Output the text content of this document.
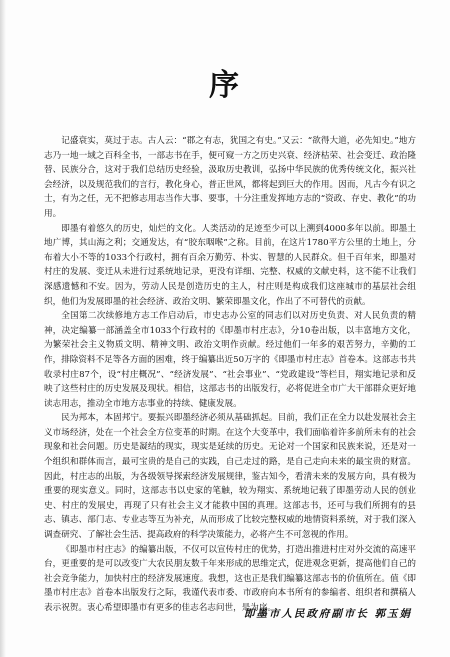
序

记盛衰实，莫过于志。古人云：“郡之有志，犹国之有史。”又云：“欲得大道，必先知史。”地方志乃一地一域之百科全书，一部志书在手，便可窥一方之历史兴衰、经济枯荣、社会变迁、政治隆替、民族分合，这对于我们总结历史经验，汲取历史教训，弘扬中华民族的优秀传统文化，振兴社会经济，以及规范我们的言行，教化身心，普正世风，都将起到巨大的作用。因而，凡古今有识之士，有为之任，无不把修志用志当作大事、要事，十分注重发挥地方志的“资政、存史、教化”的功用。

即墨有着悠久的历史，灿烂的文化。人类活动的足迹至少可以上溯到4000多年以前。即墨土地广博，其山海之利；交通发达，有“胶东咽喉”之称。目前，在这片1780平方公里的土地上，分布着大小不等的1033个行政村，拥有百余万勤劳、朴实、智慧的人民群众。但千百年来，即墨对村庄的发展、变迁从未进行过系统地记录，更没有详细、完整、权威的文献史料，这不能不让我们深感遗憾和不安。因为，劳动人民是创造历史的主人，村庄则是构成我们这座城市的基层社会组织，他们为发展即墨的社会经济、政治文明、繁荣即墨文化，作出了不可替代的贡献。

全国第二次续修地方志工作启动后，市史志办公室的同志们以对历史负责、对人民负责的精神，决定编纂一部涵盖全市1033个行政村的《即墨市村庄志》，分10卷出版，以丰富地方文化，为繁荣社会主义物质文明、精神文明、政治文明作贡献。经过他们一年多的艰苦努力，辛勤的工作，排除资料不足等各方面的困难，终于编纂出近50万字的《即墨市村庄志》首卷本。这部志书共收录村庄87个，设“村庄概况”、“经济发展”、“社会事业”、“党政建设”等栏目，翔实地记录和反映了这些村庄的历史发展及现状。相信，这部志书的出版发行，必将促进全市广大干部群众更好地读志用志，推动全市地方志事业的持续、健康发展。

民为邦本，本固邦宁。要振兴即墨经济必须从基础抓起。目前，我们正在全力以赴发展社会主义市场经济，处在一个社会全方位变革的时期。在这个大变革中，我们面临着许多前所未有的社会现象和社会问题。历史是凝结的现实，现实是延续的历史。无论对一个国家和民族来说，还是对一个组织和群体而言，最可宝贵的是自己的实践，自己走过的路，是自己走向未来的最宝贵的财富。因此，村庄志的出版，为各级领导探索经济发展规律，鉴古知今，看清未来的发展方向，具有极为重要的现实意义。同时，这部志书以史家的笔触，较为翔实、系统地记载了即墨劳动人民的创业史、村庄的发展史，再现了只有社会主义才能救中国的真理。这部志书，还可与我们所拥有的县志、镇志、部门志、专业志等互为补充，从而形成了比较完整权威的地情资料系统，对于我们深入调查研究、了解社会生活、提高政府的科学决策能力，必将产生不可忽视的作用。

《即墨市村庄志》的编纂出版，不仅可以宣传村庄的优势，打造出推进村庄对外交流的高速平台，更重要的是可以改变广大农民朋友数千年来形成的思维定式，促进观念更新，提高他们自己的社会竞争能力，加快村庄的经济发展速度。我想，这也正是我们编纂这部志书的价值所在。值《即墨市村庄志》首卷本出版发行之际，我谨代表市委、市政府向本书所有的参编者、组织者和撰稿人表示祝贺。衷心希望即墨市有更多的佳志名志问世，是为序。

即墨市人民政府副市长 郭玉娟
